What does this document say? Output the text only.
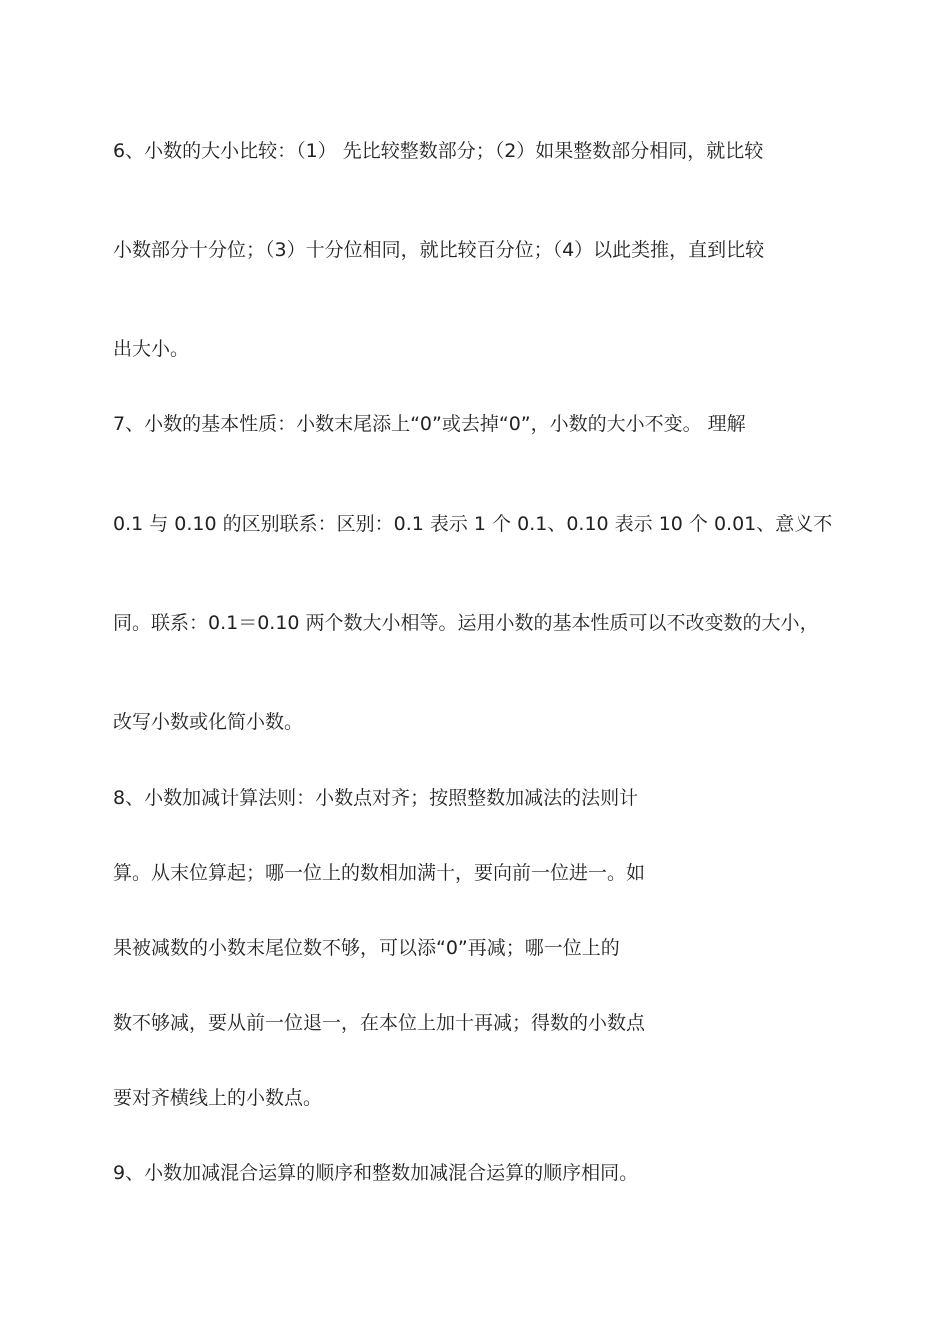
6、小数的大小比较：（1） 先比较整数部分；（2）如果整数部分相同，就比较
小数部分十分位；（3）十分位相同，就比较百分位；（4）以此类推，直到比较
出大小。
7、小数的基本性质：小数末尾添上“0”或去掉“0”，小数的大小不变。 理解
0.1 与 0.10 的区别联系：区别：0.1 表示 1 个 0.1、0.10 表示 10 个 0.01、意义不
同。联系：0.1＝0.10 两个数大小相等。运用小数的基本性质可以不改变数的大小，
改写小数或化简小数。
8、小数加减计算法则：小数点对齐；按照整数加减法的法则计
算。从末位算起；哪一位上的数相加满十，要向前一位进一。如
果被减数的小数末尾位数不够，可以添“0”再减；哪一位上的
数不够减，要从前一位退一，在本位上加十再减；得数的小数点
要对齐横线上的小数点。
9、小数加减混合运算的顺序和整数加减混合运算的顺序相同。
